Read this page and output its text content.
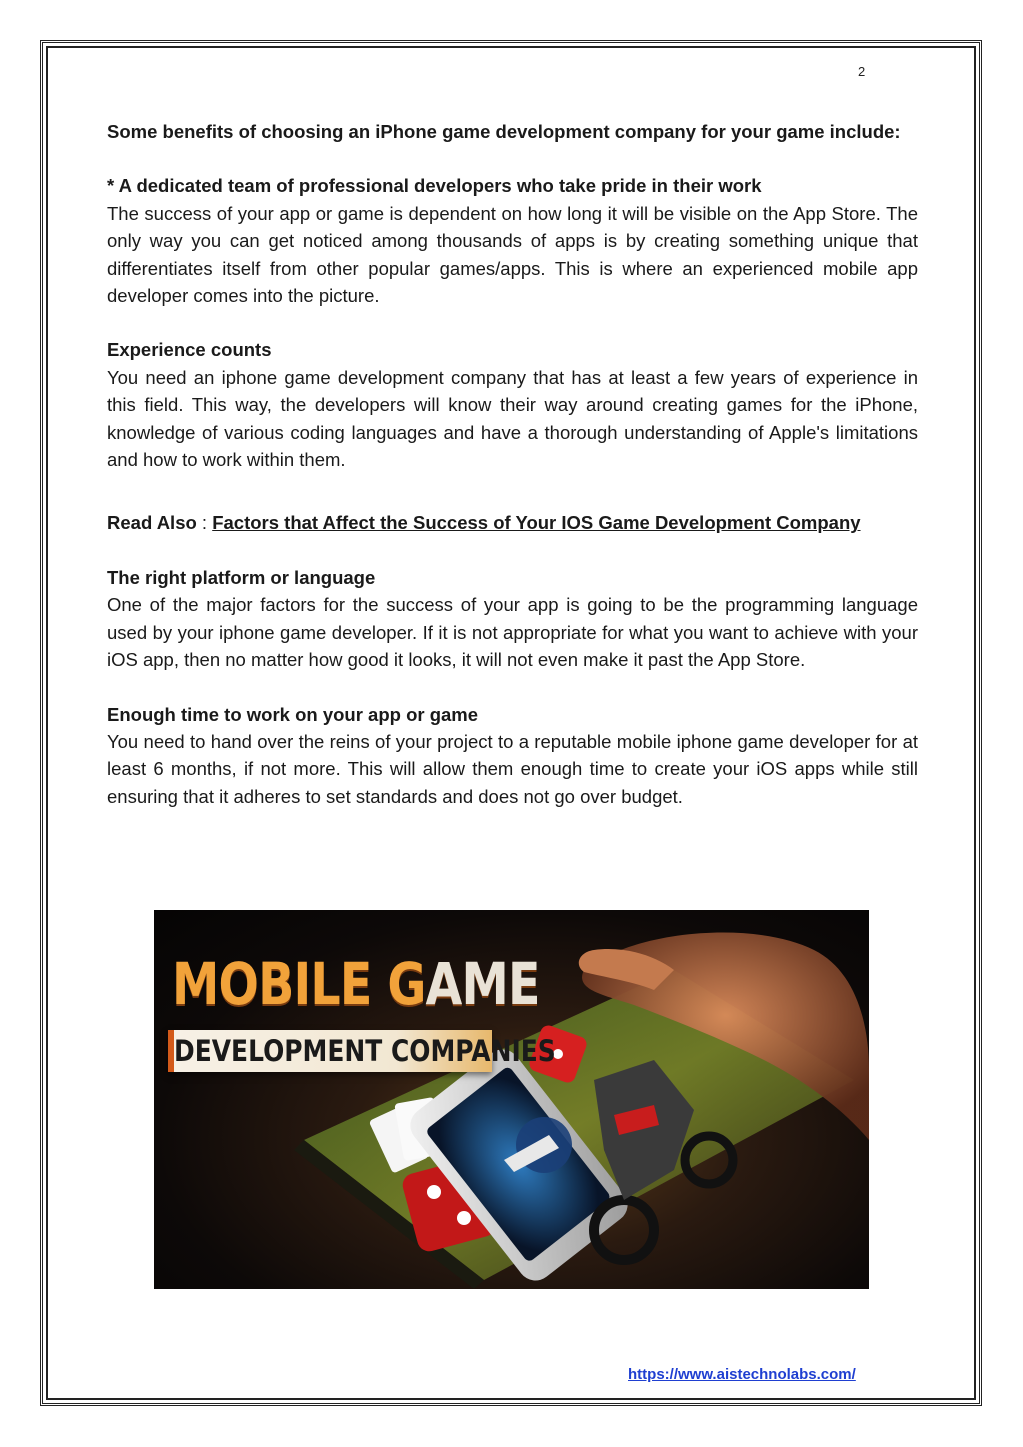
2

Some benefits of choosing an iPhone game development company for your game include:

* A dedicated team of professional developers who take pride in their work

The success of your app or game is dependent on how long it will be visible on the App Store. The only way you can get noticed among thousands of apps is by creating something unique that differentiates itself from other popular games/apps. This is where an experienced mobile app developer comes into the picture.

Experience counts

You need an iphone game development company that has at least a few years of experience in this field. This way, the developers will know their way around creating games for the iPhone, knowledge of various coding languages and have a thorough understanding of Apple's limitations and how to work within them.

Read Also : Factors that Affect the Success of Your IOS Game Development Company

The right platform or language

One of the major factors for the success of your app is going to be the programming language used by your iphone game developer. If it is not appropriate for what you want to achieve with your iOS app, then no matter how good it looks, it will not even make it past the App Store.

Enough time to work on your app or game

You need to hand over the reins of your project to a reputable mobile iphone game developer for at least 6 months, if not more. This will allow them enough time to create your iOS apps while still ensuring that it adheres to set standards and does not go over budget.

MOBILE GAME
DEVELOPMENT COMPANIES
https://www.aistechnolabs.com/
